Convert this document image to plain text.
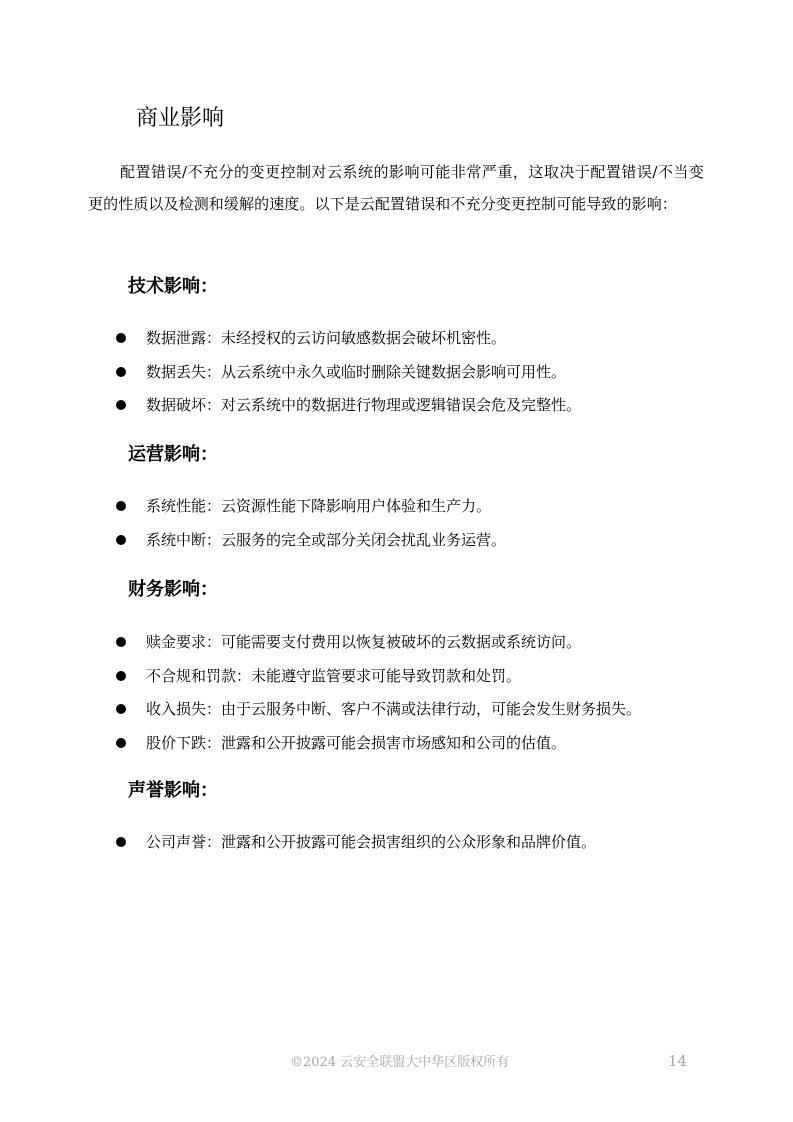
商业影响

配置错误/不充分的变更控制对云系统的影响可能非常严重，这取决于配置错误/不当变更的性质以及检测和缓解的速度。以下是云配置错误和不充分变更控制可能导致的影响：

技术影响：
数据泄露：未经授权的云访问敏感数据会破坏机密性。
数据丢失：从云系统中永久或临时删除关键数据会影响可用性。
数据破坏：对云系统中的数据进行物理或逻辑错误会危及完整性。
运营影响：
系统性能：云资源性能下降影响用户体验和生产力。
系统中断：云服务的完全或部分关闭会扰乱业务运营。
财务影响：
赎金要求：可能需要支付费用以恢复被破坏的云数据或系统访问。
不合规和罚款：未能遵守监管要求可能导致罚款和处罚。
收入损失：由于云服务中断、客户不满或法律行动，可能会发生财务损失。
股价下跌：泄露和公开披露可能会损害市场感知和公司的估值。
声誉影响：
公司声誉：泄露和公开披露可能会损害组织的公众形象和品牌价值。
©2024 云安全联盟大中华区版权所有	14
